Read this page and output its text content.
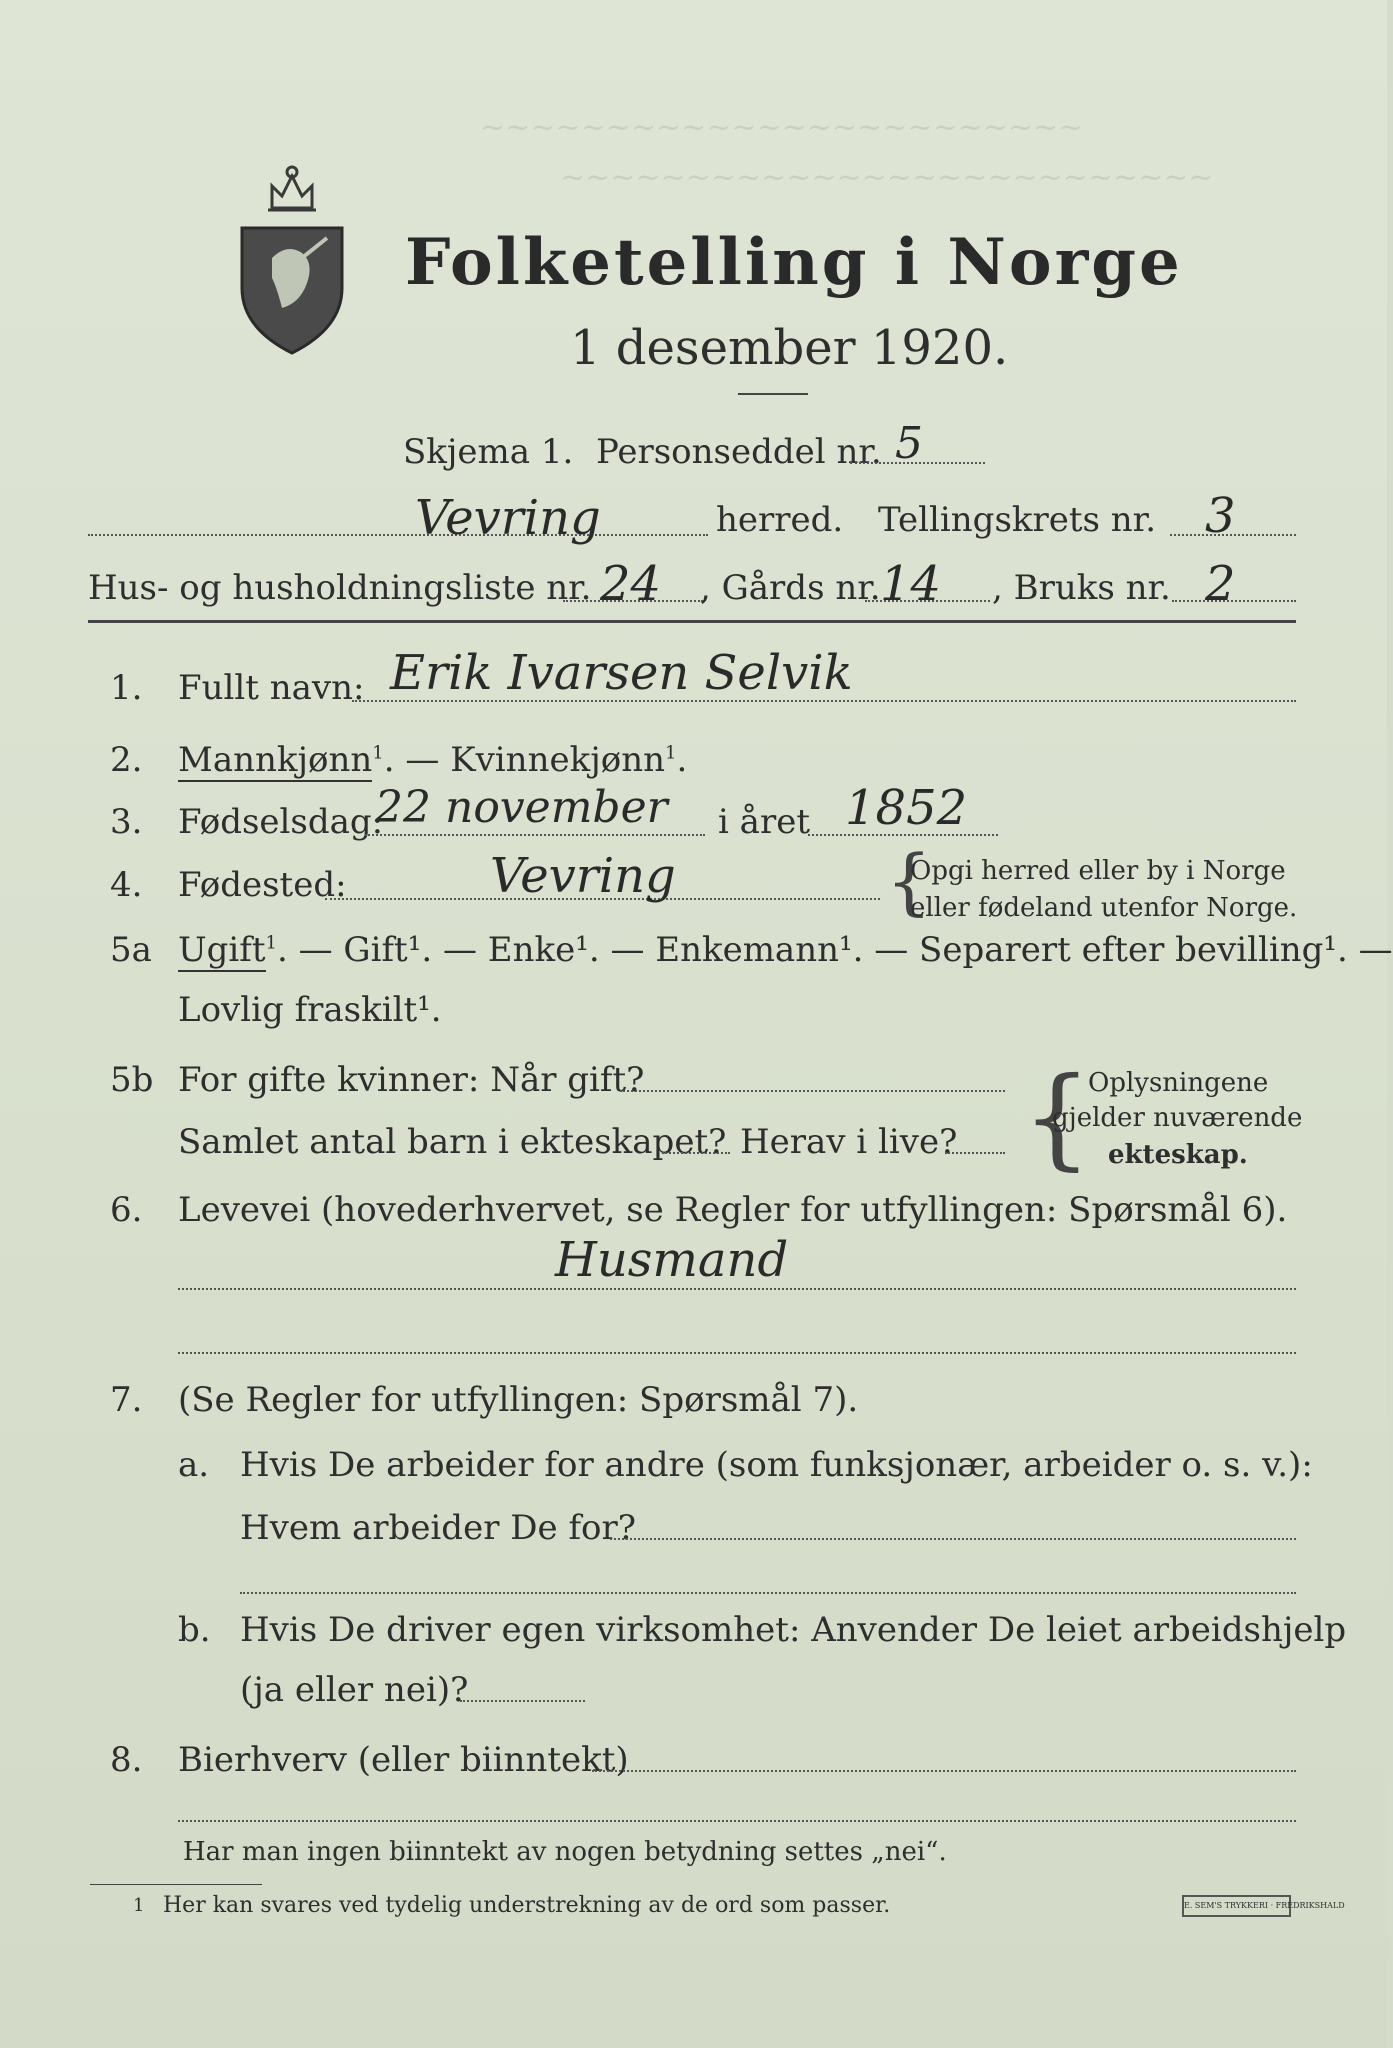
~~~~~~~~~~~~~~~~~~~~~~~~
~~~~~~~~~~~~~~~~~~~~~~~~~~
Folketelling i Norge
1 desember 1920.
Skjema 1. Personseddel nr. 5
Vevring	herred. Tellingskrets nr. 3
Hus- og husholdningsliste nr. 24 , Gårds nr. 14 , Bruks nr. 2
1. Fullt navn: Erik Ivarsen Selvik
2. Mannkjønn$^1$. — Kvinnekjønn$^1$.
3. Fødselsdag:
22 november i året 1852
4. Fødested:	Vevring	{
Opgi herred eller by i Norge
eller fødeland utenfor Norge.
5a Ugift$^1$. — Gift¹. — Enke¹. — Enkemann¹. — Separert efter bevilling¹. —
Lovlig fraskilt¹.
5b For gifte kvinner: Når gift?
Samlet antal barn i ekteskapet? Herav i live? {
Oplysningene
gjelder nuværende
ekteskap.
6. Levevei (hovederhvervet, se Regler for utfyllingen: Spørsmål 6).
Husmand
7. (Se Regler for utfyllingen: Spørsmål 7).
a. Hvis De arbeider for andre (som funksjonær, arbeider o. s. v.):
Hvem arbeider De for?
b. Hvis De driver egen virksomhet: Anvender De leiet arbeidshjelp
(ja eller nei)?
8. Bierhverv (eller biinntekt)
Har man ingen biinntekt av nogen betydning settes „nei“.
1 Her kan svares ved tydelig understrekning av de ord som passer.	E. SEM'S TRYKKERI · FREDRIKSHALD
